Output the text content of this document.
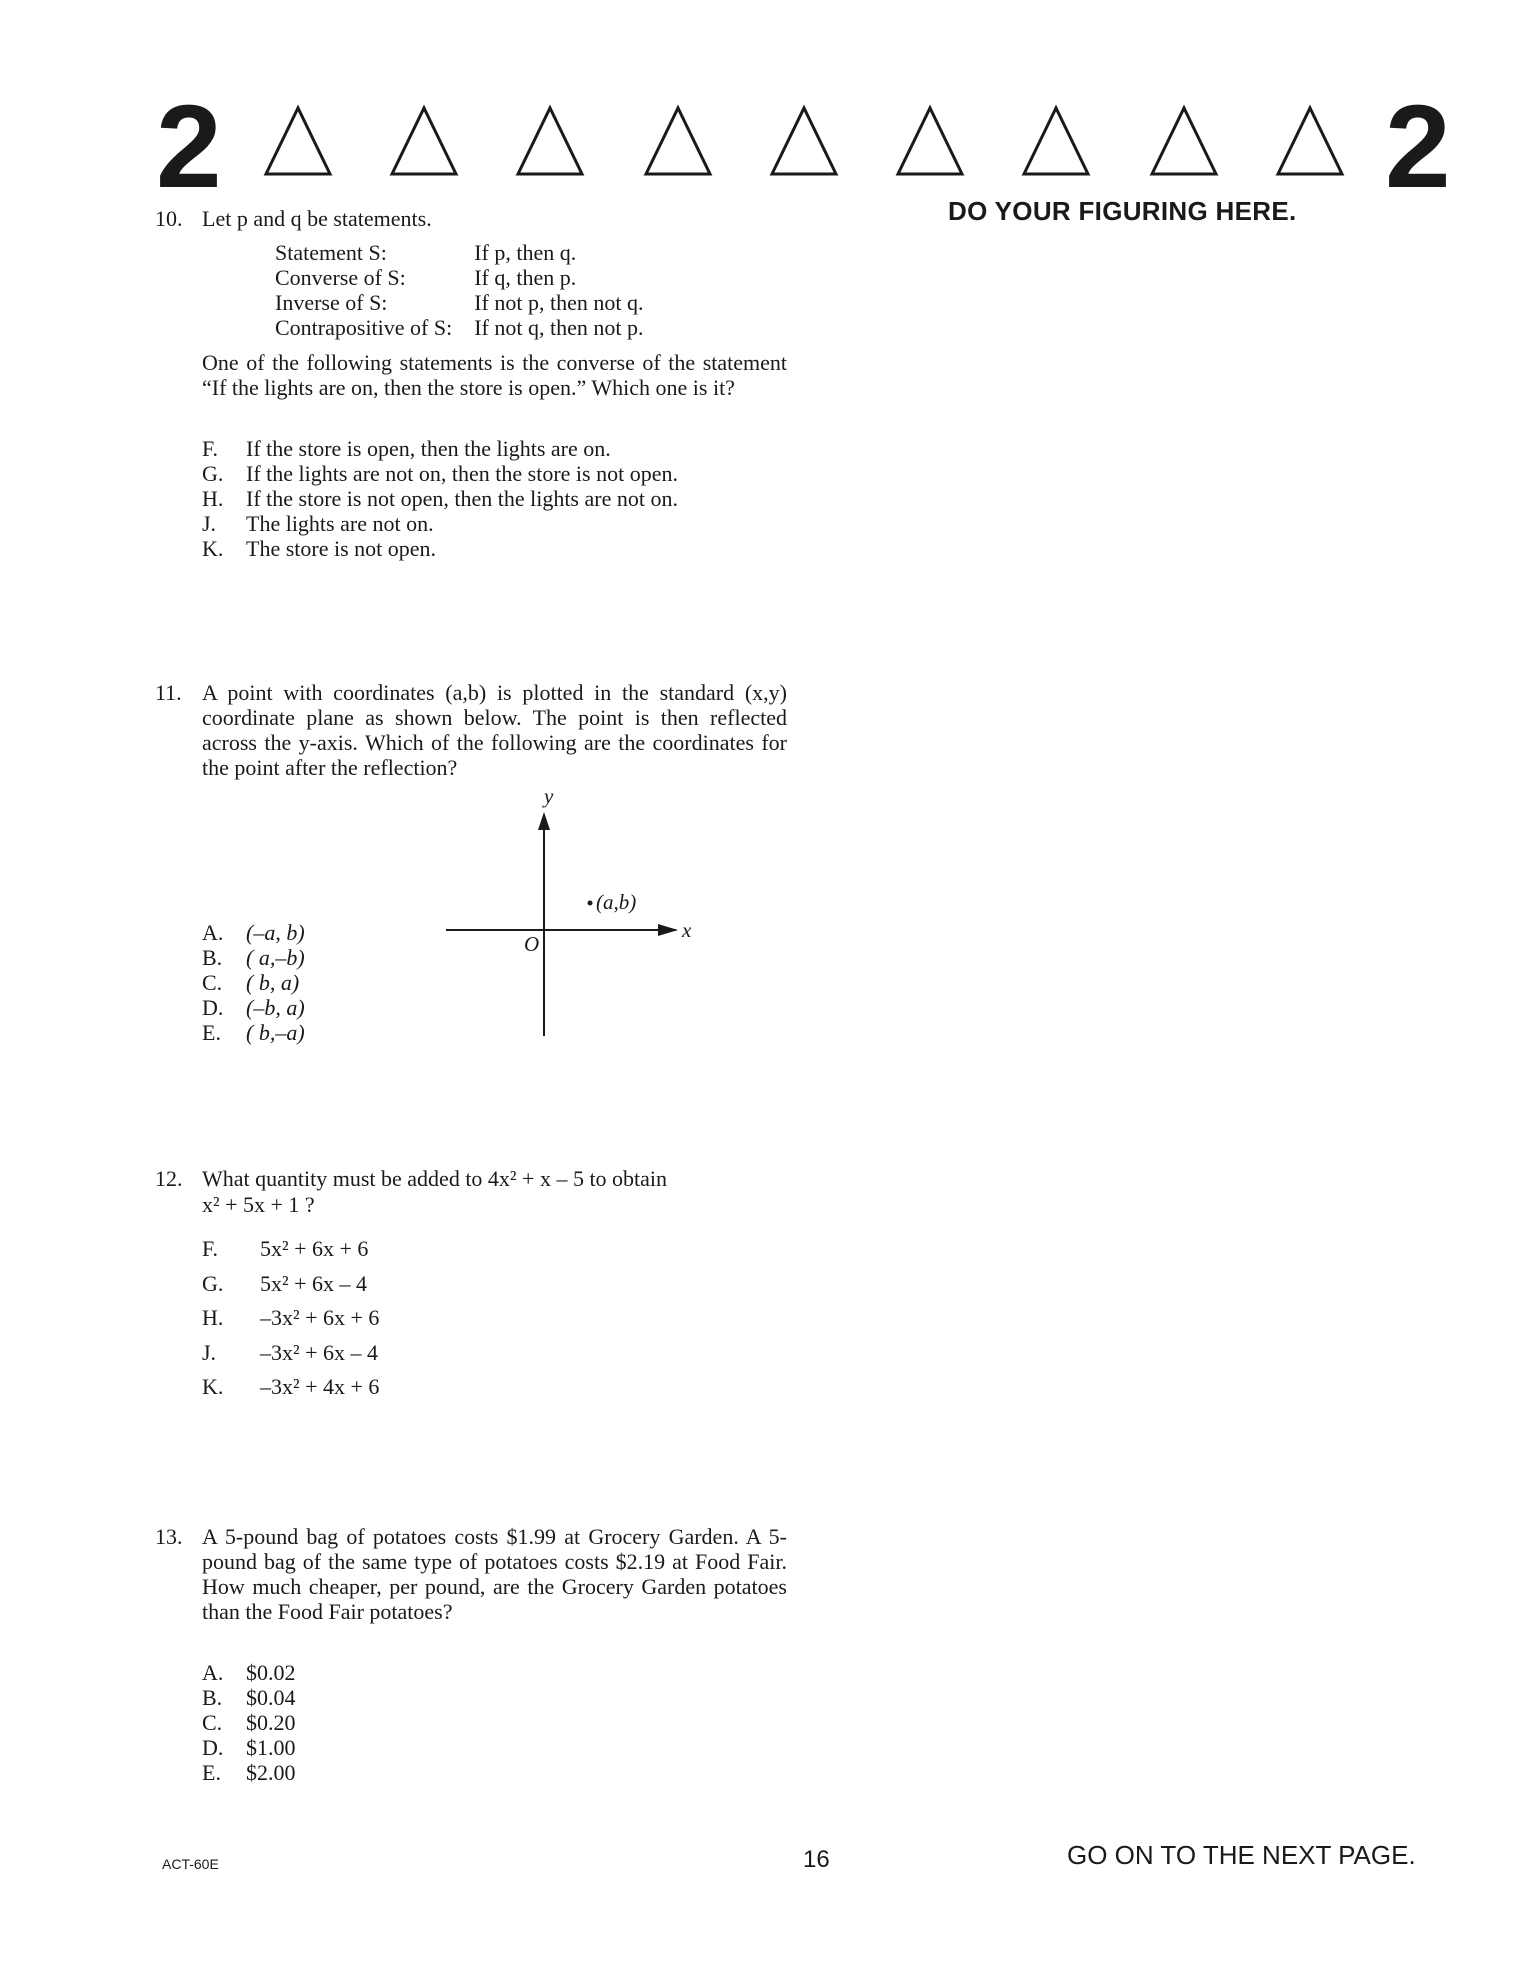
2	2
DO YOUR FIGURING HERE.
10. Let p and q be statements.
Statement S:	If p, then q.
Converse of S:	If q, then p.
Inverse of S:	If not p, then not q.
Contrapositive of S:	If not q, then not p.
One of the following statements is the converse of the statement “If the lights are on, then the store is open.” Which one is it?
F. If the store is open, then the lights are on.
G. If the lights are not on, then the store is not open.
H. If the store is not open, then the lights are not on.
J. The lights are not on.
K. The store is not open.
11. A point with coordinates (a,b) is plotted in the standard (x,y) coordinate plane as shown below. The point is then reflected across the y-axis. Which of the following are the coordinates for the point after the reflection?
A. (–a, b)
B. ( a,–b)
C. ( b, a)
D. (–b, a)
E. ( b,–a)
y
x
O
(a,b)
12. What quantity must be added to 4x² + x – 5 to obtain
x² + 5x + 1 ?
F. 5x² + 6x + 6
G. 5x² + 6x – 4
H. –3x² + 6x + 6
J. –3x² + 6x – 4
K. –3x² + 4x + 6
13. A 5-pound bag of potatoes costs $1.99 at Grocery Garden. A 5-pound bag of the same type of potatoes costs $2.19 at Food Fair. How much cheaper, per pound, are the Grocery Garden potatoes than the Food Fair potatoes?
A. $0.02
B. $0.04
C. $0.20
D. $1.00
E. $2.00
ACT-60E	16	GO ON TO THE NEXT PAGE.
